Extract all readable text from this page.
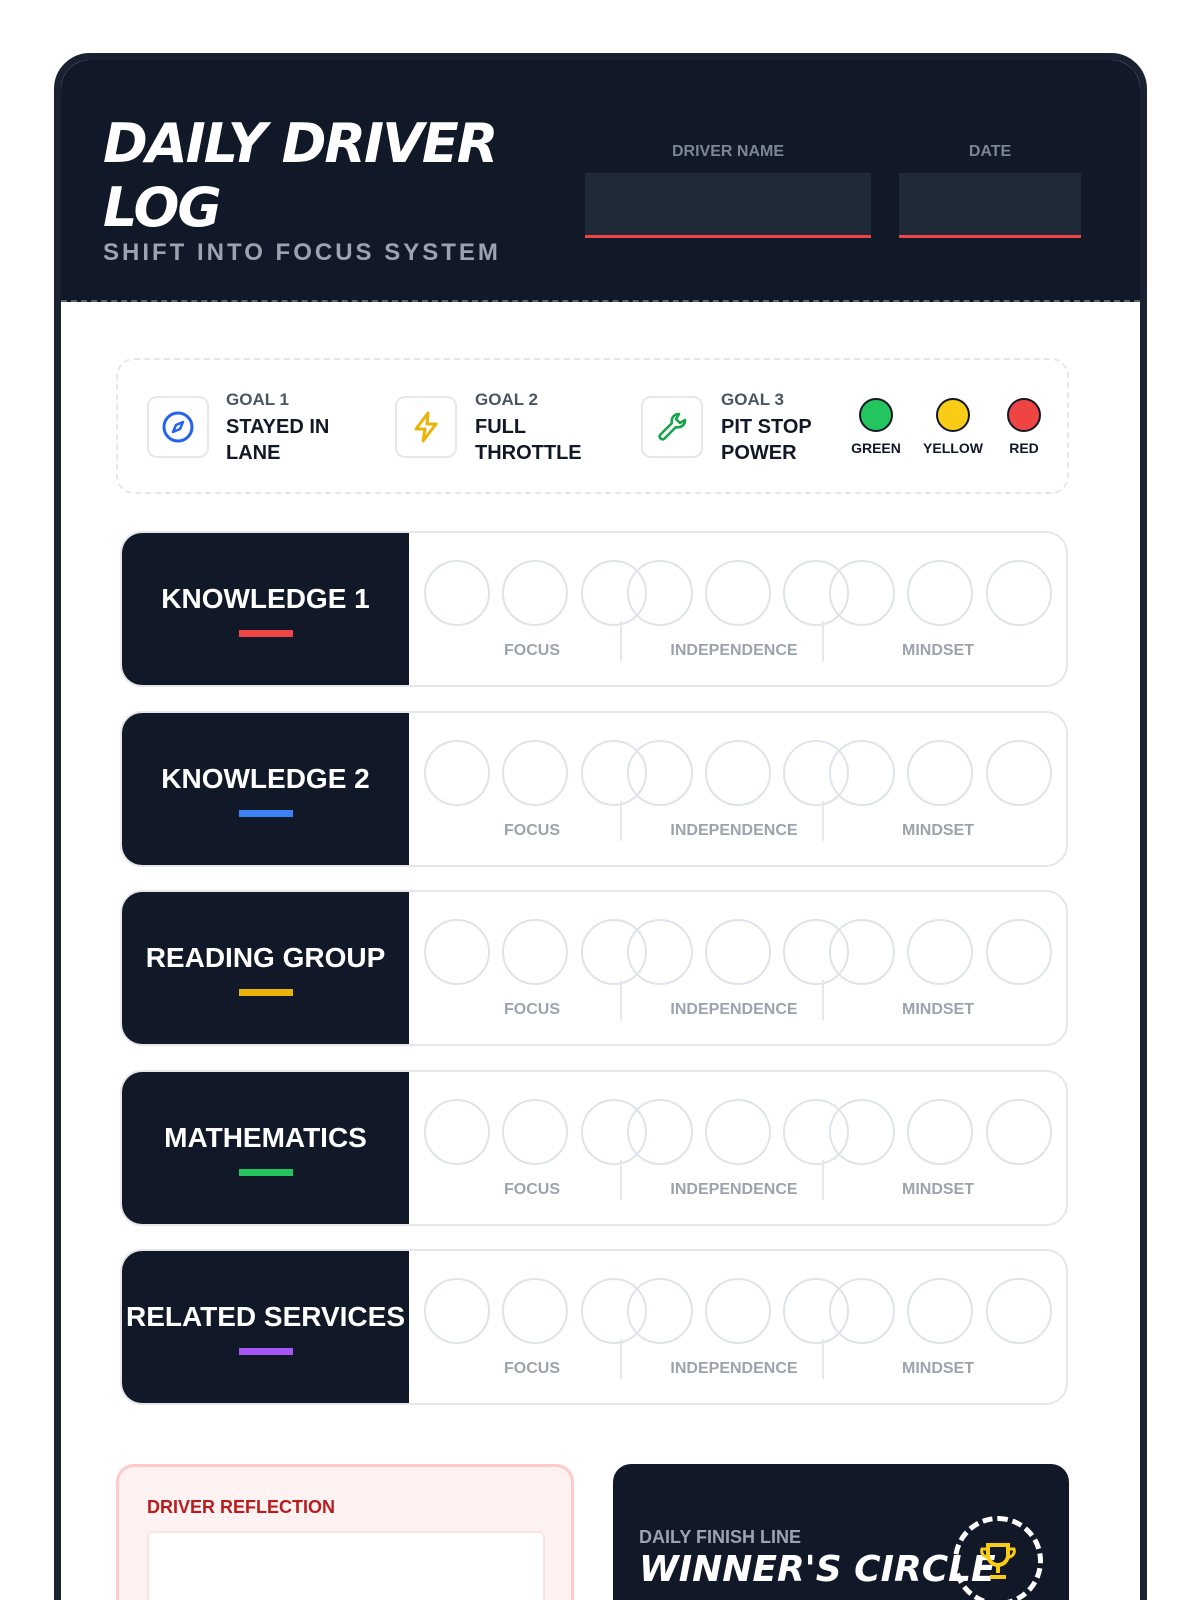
DAILY DRIVER LOG
SHIFT INTO FOCUS SYSTEM
DRIVER NAME	DATE
GOAL 1
STAYED IN LANE
GOAL 2
FULL THROTTLE
GOAL 3
PIT STOP POWER	GREEN	YELLOW	RED
KNOWLEDGE 1
FOCUS	INDEPENDENCE	MINDSET
KNOWLEDGE 2
FOCUS	INDEPENDENCE	MINDSET
READING GROUP
FOCUS	INDEPENDENCE	MINDSET
MATHEMATICS
FOCUS	INDEPENDENCE	MINDSET
RELATED SERVICES
FOCUS	INDEPENDENCE	MINDSET
DRIVER REFLECTION
DAILY FINISH LINE
WINNER'S CIRCLE
